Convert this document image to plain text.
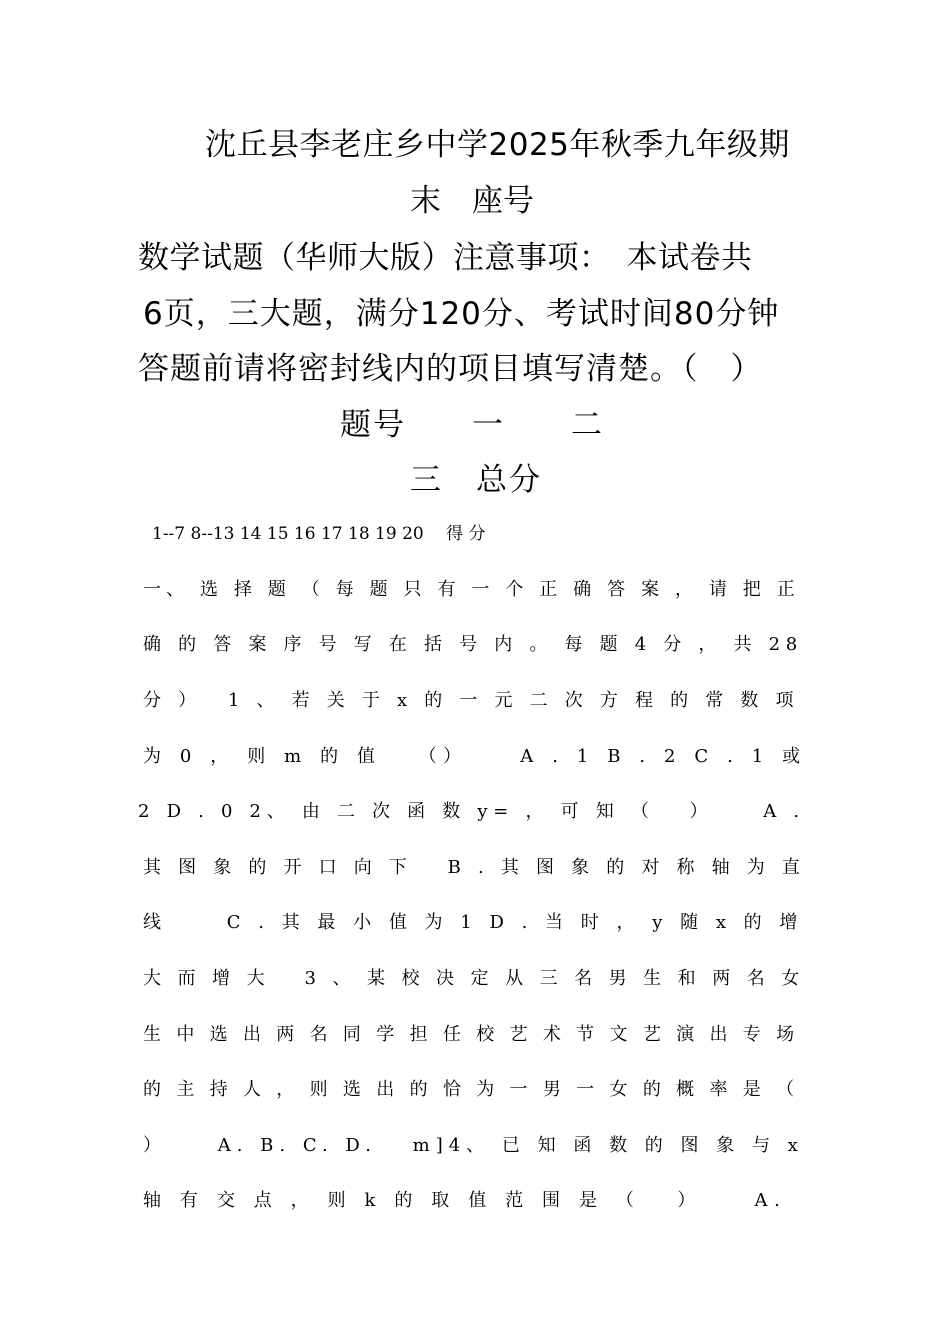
沈丘县李老庄乡中学2025年秋季九年级期
末　座号
数学试题（华师大版）注意事项：　本试卷共
6页，三大题，满分120分、考试时间80分钟
答题前请将密封线内的项目填写清楚。（　）
题号　　一　　二
三　总分
1--7 8--13 14 15 16 17 18 19 20　 得 分
一、 选 择 题 （ 每 题 只 有 一 个 正 确 答 案 ， 请 把 正
确 的 答 案 序 号 写 在 括 号 内 。 每 题 4 分 ， 共 28
分 ）　 1 、 若 关 于 x 的 一 元 二 次 方 程 的 常 数 项
为 0 ， 则 m 的 值　 （）　　 A . 1 B . 2 C . 1 或
2 D . 0 2、 由 二 次 函 数 y= ， 可 知 （　 ）　　 A .
其 图 象 的 开 口 向 下　 B . 其 图 象 的 对 称 轴 为 直
线　　 C . 其 最 小 值 为 1 D . 当 时 ， y 随 x 的 增
大 而 增 大　 3 、 某 校 决 定 从 三 名 男 生 和 两 名 女
生 中 选 出 两 名 同 学 担 任 校 艺 术 节 文 艺 演 出 专 场
的 主 持 人 ， 则 选 出 的 恰 为 一 男 一 女 的 概 率 是 （
）　　 A. B. C. D.　 m]4、 已 知 函 数 的 图 象 与 x
轴 有 交 点 ， 则 k 的 取 值 范 围 是 （　 ）　　 A.
